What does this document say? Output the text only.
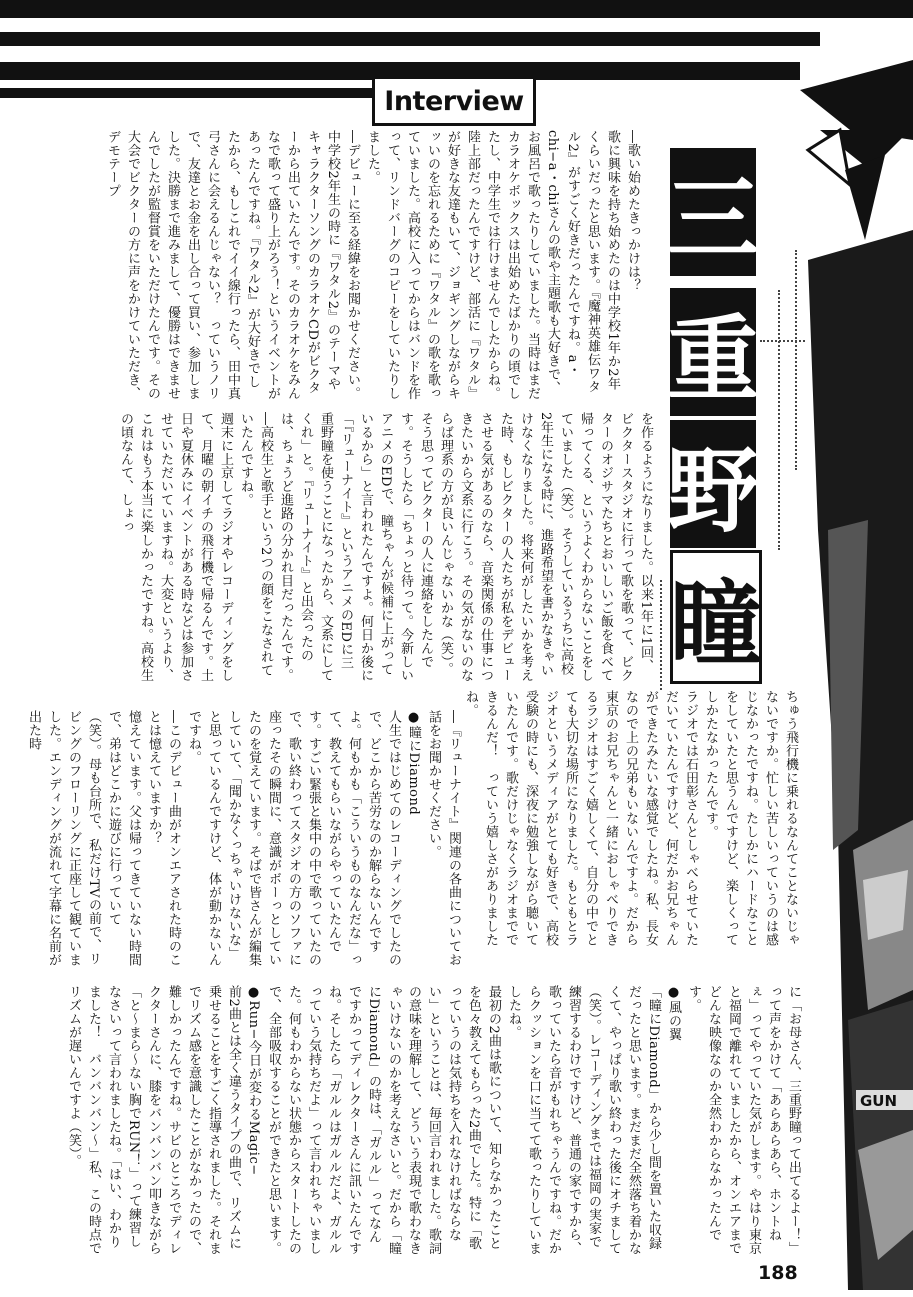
Interview
三
重
野
瞳
GUN

―歌い始めたきっかけは？
歌に興味を持ち始めたのは中学校1年か2年くらいだったと思います。『魔神英雄伝ワタル2』がすごく好きだったんですね。a・chi−a・chiさんの歌や主題歌も大好きで、お風呂で歌ったりしていました。当時はまだカラオケボックスは出始めたばかりの頃でしたし、中学生では行けませんでしたからね。陸上部だったんですけど、部活に『ワタル』が好きな友達もいて、ジョギングしながらキッいのを忘れるために『ワタル』の歌を歌っていました。高校に入ってからはバンドを作って、リンドバーグのコピーをしていたりしました。
―デビューに至る経緯をお聞かせください。
中学校2年生の時に『ワタル2』のテーマやキャラクターソングのカラオケCDがビクターから出ていたんです。そのカラオケをみんなで歌って盛り上がろう！というイベントがあったんですね。『ワタル2』が大好きでしたから、もしこれでイイ線行ったら、田中真弓さんに会えるんじゃない？　っていうノリで、友達とお金を出し合って買い、参加しました。決勝まで進みまして、優勝はできませんでしたが監督賞をいただけたんです。その大会でビクターの方に声をかけていただき、デモテープ

を作るようになりました。以来1年に1回、ビクタースタジオに行って歌を歌って、ビクターのオジサマたちとおいしいご飯を食べて帰ってくる、というよくわからないことをしていました（笑）。そうしているうちに高校2年生になる時に、進路希望を書かなきゃいけなくなりました。将来何がしたいかを考えた時、もしビクターの人たちが私をデビューさせる気があるのなら、音楽関係の仕事につきたいから文系に行こう。その気がないのならば理系の方が良いんじゃないかな（笑）。そう思ってビクターの人に連絡をしたんです。そうしたら「ちょっと待って。今新しいアニメのEDで、瞳ちゃんが候補に上がっているから」と言われたんですよ。何日か後に「『リューナイト』というアニメのEDに三重野瞳を使うことになったから、文系にしてくれ」と。『リューナイト』と出会ったのは、ちょうど進路の分かれ目だったんです。
―高校生と歌手という2つの顔をこなされていたんですね。
週末に上京してラジオやレコーディングをして、月曜の朝イチの飛行機で帰るんです。土日や夏休みにイベントがある時などは参加させていただいていますね。大変というより、これはもう本当に楽しかったですね。高校生の頃なんて、しょっ

ちゅう飛行機に乗れるなんてことないじゃないですか。忙しい苦しいっていうのは感じなかったですね。たしかにハードなことをしていたと思うんですけど、楽しくってしかたなかったんです。
ラジオでは石田彰さんとしゃべらせていただいていたんですけど、何だかお兄ちゃんができたみたいな感覚でしたね。私、長女なので上の兄弟もいないんですよ。だから東京のお兄ちゃんと一緒におしゃべりできるラジオはすごく嬉しくて、自分の中でとても大切な場所になりました。もともとラジオというメディアがとても好きで、高校受験の時にも、深夜に勉強しながら聴いていたんです。歌だけじゃなくラジオまでできるんだ！　っていう嬉しさがありましたね。

―『リューナイト』関連の各曲についてお話をお聞かせください。
●瞳にDiamond
人生ではじめてのレコーディングでしたので、どこから苦労なのか解らないんですよ。何もかも「こういうものなんだな」って、教えてもらいながらやっていたんです。すごい緊張と集中の中で歌っていたので、歌い終わってスタジオの方のソファに座ったその瞬間に、意識がボーっとしていたのを覚えています。そばで皆さんが編集していて、「聞かなくっちゃいけないな」と思っているんですけど、体が動かないんですね。
―このデビュー曲がオンエアされた時のことは憶えていますか？
憶えています。父は帰ってきていない時間で、弟はどこかに遊びに行っていて（笑）。母も台所で、私だけTVの前で、リビングのフローリングに正座して観ていました。エンディングが流れて字幕に名前が出た時

に「お母さん、三重野瞳って出てるよー！」って声をかけて「あらあらあら、ホントねぇ」ってやっていた気がします。やはり東京と福岡で離れていましたから、オンエアまでどんな映像なのか全然わからなかったんです。
●風の翼
「瞳にDiamond」から少し間を置いた収録だったと思います。まだまだ全然落ち着かなくて、やっぱり歌い終わった後にオチまして（笑）。レコーディングまでは福岡の実家で練習するわけですけど、普通の家ですから、歌っていたら音がもれちゃうんですね。だからクッションを口に当てて歌ったりしていましたね。
最初の2曲は歌について、知らなかったことを色々教えてもらった2曲でした。特に「歌っていうのは気持ちを入れなければならない」ということは、毎回言われました。歌詞の意味を理解して、どういう表現で歌わなきゃいけないのかを考えなさいと。だから「瞳にDiamond」の時は、「ガルル」ってなんですかってディレクターさんに訊いたんですね。そしたら「ガルルはガルルだよ、ガルルっていう気持ちだよ」って言われちゃいました。何もわからない状態からスタートしたので、全部吸収することができたと思います。
●Run−今日が変わるMagic−
前2曲とは全く違うタイプの曲で、リズムに乗せることをすごく指導されました。それまでリズム感を意識したことがなかったので、難しかったんですね。サビのところでディレクターさんに、膝をバンバンバン叩きながら「と〜まら〜ない胸でRUN！」って練習しなさいって言われましたね。「はい、わかりました！　バンバンバン〜」私、この時点でリズムが遅いんですよ（笑）。

188
